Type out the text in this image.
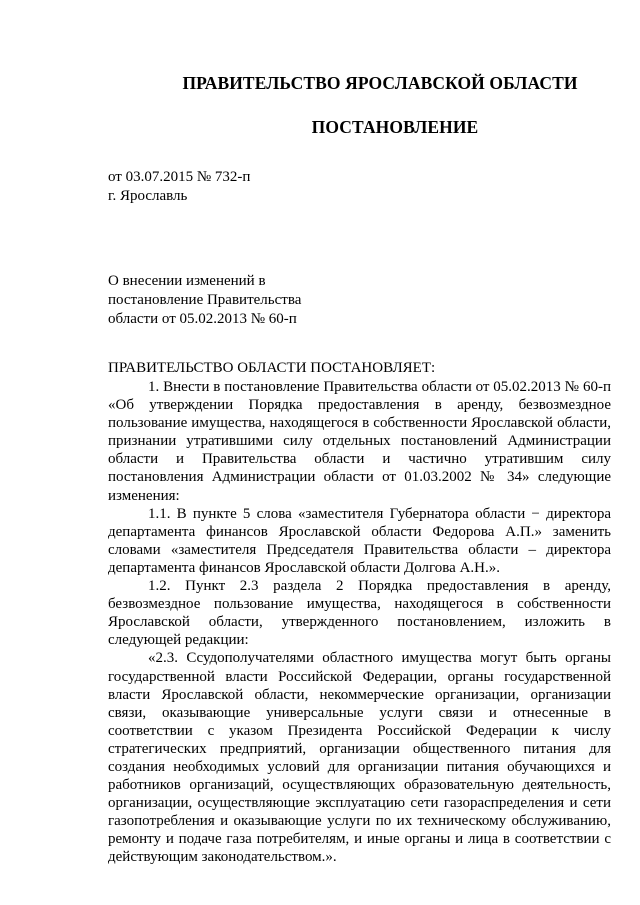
ПРАВИТЕЛЬСТВО ЯРОСЛАВСКОЙ ОБЛАСТИ
ПОСТАНОВЛЕНИЕ
от 03.07.2015 № 732-п
г. Ярославль
О внесении изменений в
постановление Правительства
области от 05.02.2013 № 60-п
ПРАВИТЕЛЬСТВО ОБЛАСТИ ПОСТАНОВЛЯЕТ:

1. Внести в постановление Правительства области от 05.02.2013 № 60-п «Об утверждении Порядка предоставления в аренду, безвозмездное пользование имущества, находящегося в собственности Ярославской области, признании утратившими силу отдельных постановлений Администрации области и Правительства области и частично утратившим силу постановления Администрации области от 01.03.2002 № 34» следующие изменения:

1.1. В пункте 5 слова «заместителя Губернатора области − директора департамента финансов Ярославской области Федорова А.П.» заменить словами «заместителя Председателя Правительства области – директора департамента финансов Ярославской области Долгова А.Н.».

1.2. Пункт 2.3 раздела 2 Порядка предоставления в аренду, безвозмездное пользование имущества, находящегося в собственности Ярославской области, утвержденного постановлением, изложить в следующей редакции:

«2.3. Ссудополучателями областного имущества могут быть органы государственной власти Российской Федерации, органы государственной власти Ярославской области, некоммерческие организации, организации связи, оказывающие универсальные услуги связи и отнесенные в соответствии с указом Президента Российской Федерации к числу стратегических предприятий, организации общественного питания для создания необходимых условий для организации питания обучающихся и работников организаций, осуществляющих образовательную деятельность, организации, осуществляющие эксплуатацию сети газораспределения и сети газопотребления и оказывающие услуги по их техническому обслуживанию, ремонту и подаче газа потребителям, и иные органы и лица в соответствии с действующим законодательством.».
